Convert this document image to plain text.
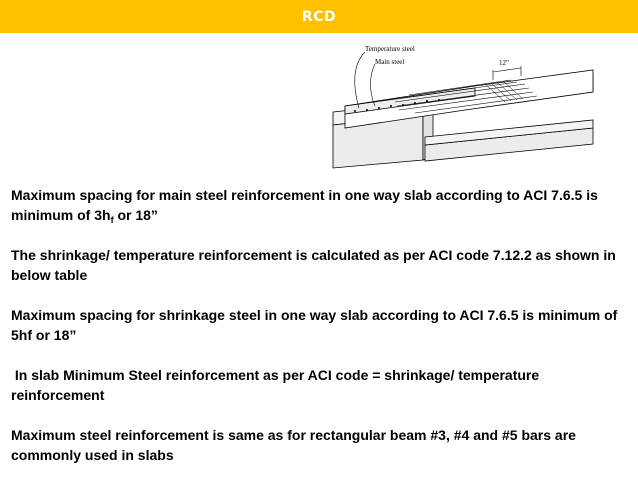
RCD
Temperature steel
Main steel	12"

Maximum spacing for main steel reinforcement in one way slab according to ACI 7.6.5 is minimum of $3h_f$ or 18”

The shrinkage/ temperature reinforcement is calculated as per ACI code 7.12.2 as shown in below table

Maximum spacing for shrinkage steel in one way slab according to ACI 7.6.5 is minimum of 5hf or 18”

In slab Minimum Steel reinforcement as per ACI code = shrinkage/ temperature reinforcement

Maximum steel reinforcement is same as for rectangular beam #3, #4 and #5 bars are commonly used in slabs
